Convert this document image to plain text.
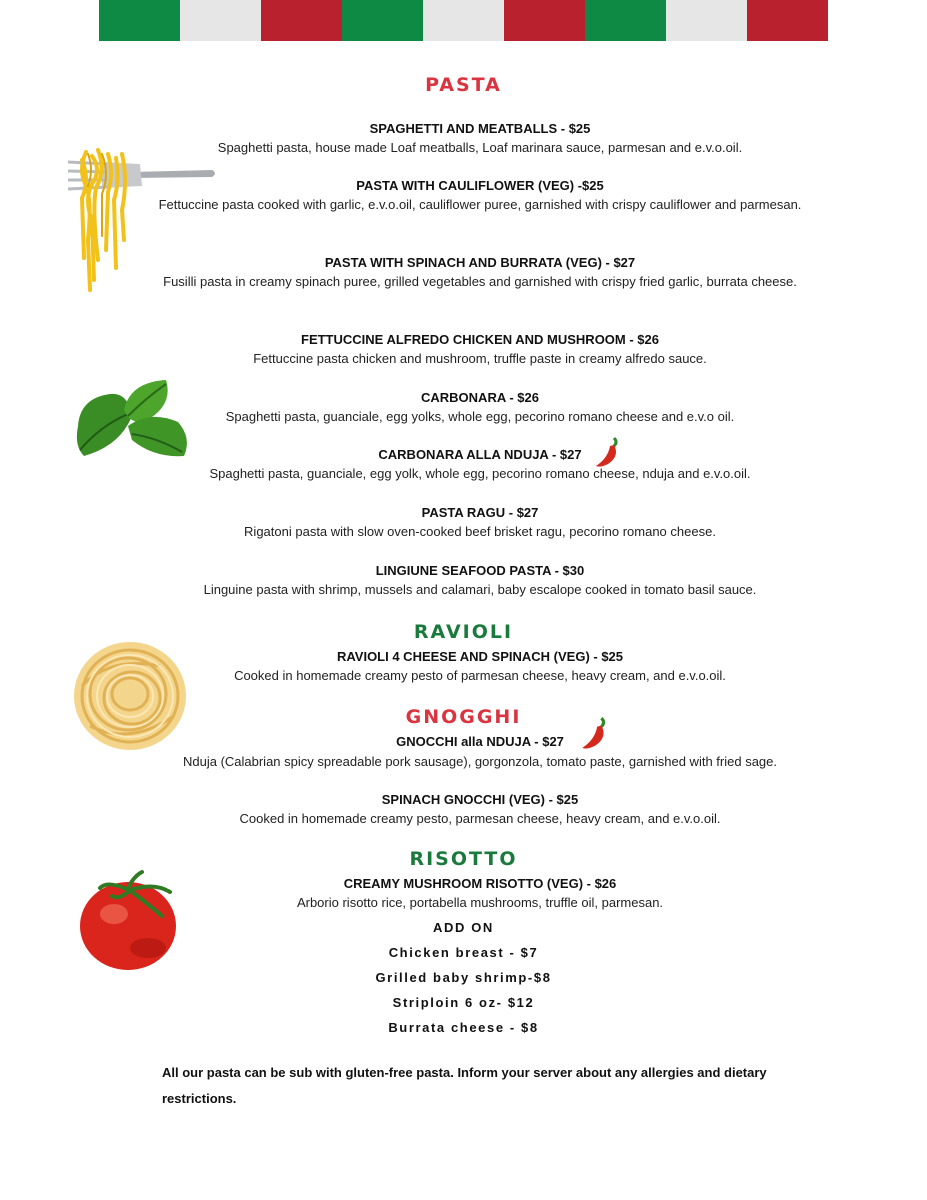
PASTA
SPAGHETTI AND MEATBALLS - $25
Spaghetti pasta, house made Loaf meatballs, Loaf marinara sauce, parmesan and e.v.o.oil.
PASTA WITH CAULIFLOWER (VEG) -$25
Fettuccine pasta cooked with garlic, e.v.o.oil, cauliflower puree, garnished with crispy cauliflower and parmesan.
PASTA WITH SPINACH AND BURRATA (VEG) - $27
Fusilli pasta in creamy spinach puree, grilled vegetables and garnished with crispy fried garlic, burrata cheese.
FETTUCCINE ALFREDO CHICKEN AND MUSHROOM - $26
Fettuccine pasta chicken and mushroom, truffle paste in creamy alfredo sauce.
CARBONARA - $26
Spaghetti pasta, guanciale, egg yolks, whole egg, pecorino romano cheese and e.v.o oil.
CARBONARA ALLA NDUJA - $27
Spaghetti pasta, guanciale, egg yolk, whole egg, pecorino romano cheese, nduja and e.v.o.oil.
PASTA RAGU - $27
Rigatoni pasta with slow oven-cooked beef brisket ragu, pecorino romano cheese.
LINGIUNE SEAFOOD PASTA - $30
Linguine pasta with shrimp, mussels and calamari, baby escalope cooked in tomato basil sauce.
RAVIOLI
RAVIOLI 4 CHEESE AND SPINACH (VEG) - $25
Cooked in homemade creamy pesto of parmesan cheese, heavy cream, and e.v.o.oil.
GNOGGHI
GNOCCHI alla NDUJA - $27
Nduja (Calabrian spicy spreadable pork sausage), gorgonzola, tomato paste, garnished with fried sage.
SPINACH GNOCCHI (VEG) - $25
Cooked in homemade creamy pesto, parmesan cheese, heavy cream, and e.v.o.oil.
RISOTTO
CREAMY MUSHROOM RISOTTO (VEG) - $26
Arborio risotto rice, portabella mushrooms, truffle oil, parmesan.
ADD ON
Chicken breast - $7
Grilled baby shrimp-$8
Striploin 6 oz- $12
Burrata cheese - $8
All our pasta can be sub with gluten-free pasta. Inform your server about any allergies and dietary restrictions.
